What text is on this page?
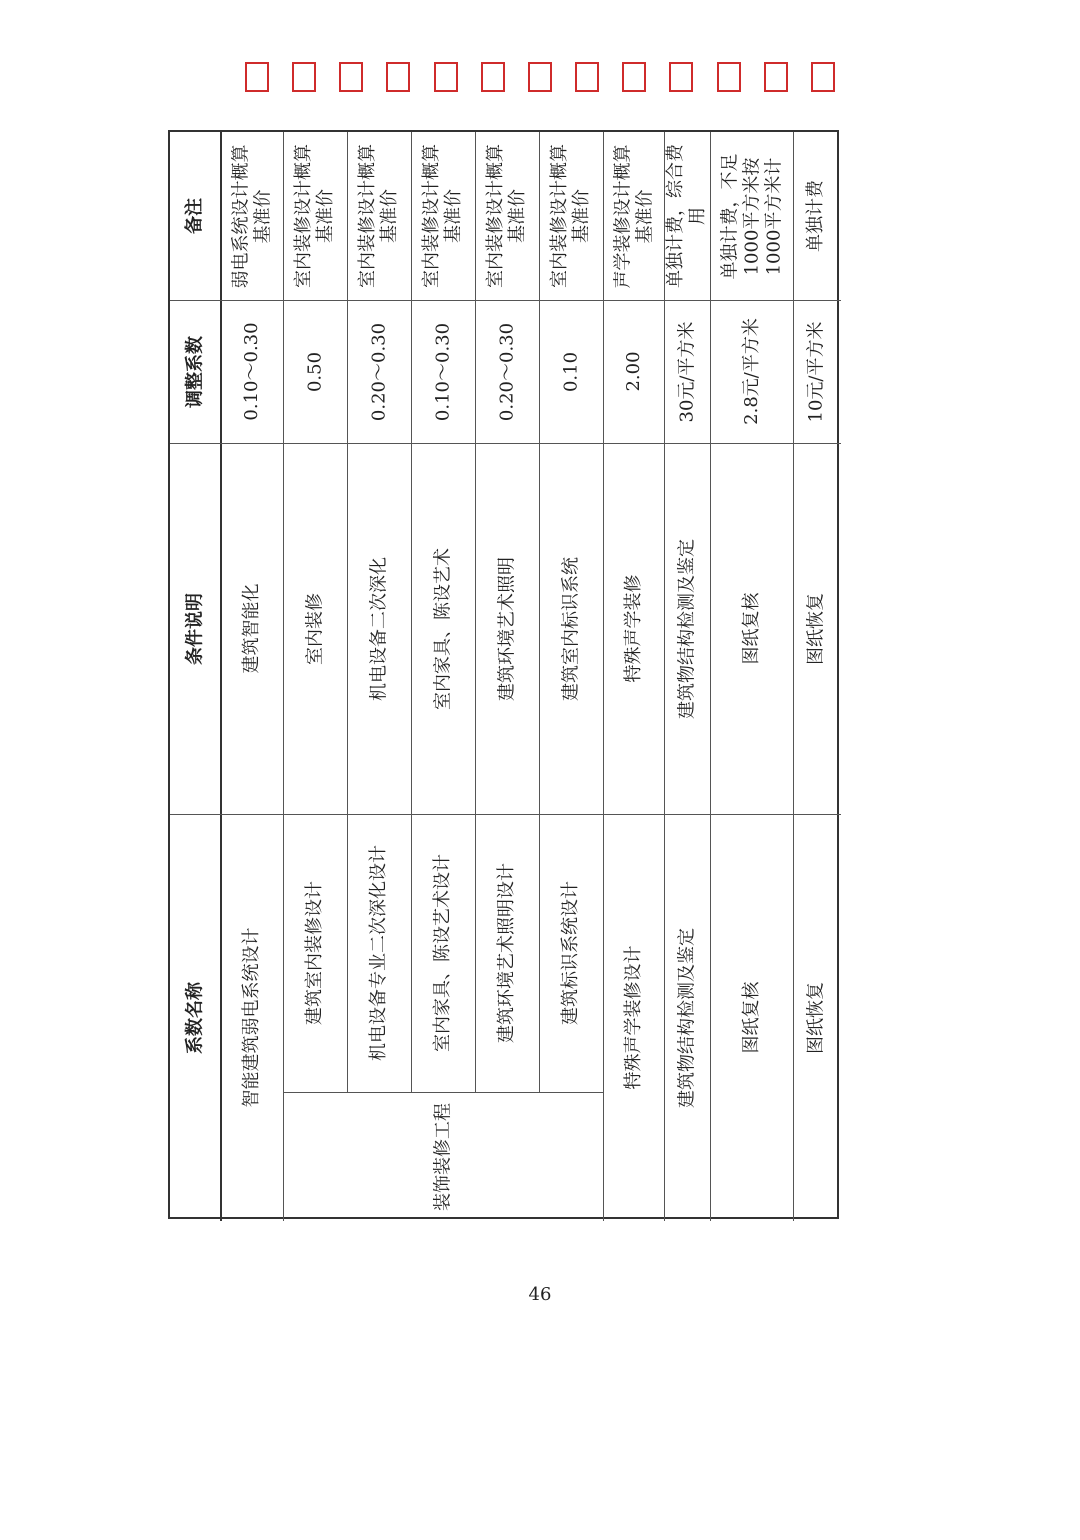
备注
调整系数
条件说明
系数名称
弱电系统设计概算基准价
0.10～0.30
建筑智能化
智能建筑弱电系统设计
室内装修设计概算基准价
0.50
室内装修
建筑室内装修设计
室内装修设计概算基准价
0.20～0.30
机电设备二次深化
机电设备专业二次深化设计
室内装修设计概算基准价
0.10～0.30
室内家具、陈设艺术
室内家具、陈设艺术设计
室内装修设计概算基准价
0.20～0.30
建筑环境艺术照明
建筑环境艺术照明设计
室内装修设计概算基准价
0.10
建筑室内标识系统
建筑标识系统设计
声学装修设计概算基准价
2.00
特殊声学装修
特殊声学装修设计
单独计费，综合费用
30元/平方米
建筑物结构检测及鉴定
建筑物结构检测及鉴定
单独计费，不足1000平方米按1000平方米计
2.8元/平方米
图纸复核
图纸复核
单独计费
10元/平方米
图纸恢复
图纸恢复
装饰装修工程
46
